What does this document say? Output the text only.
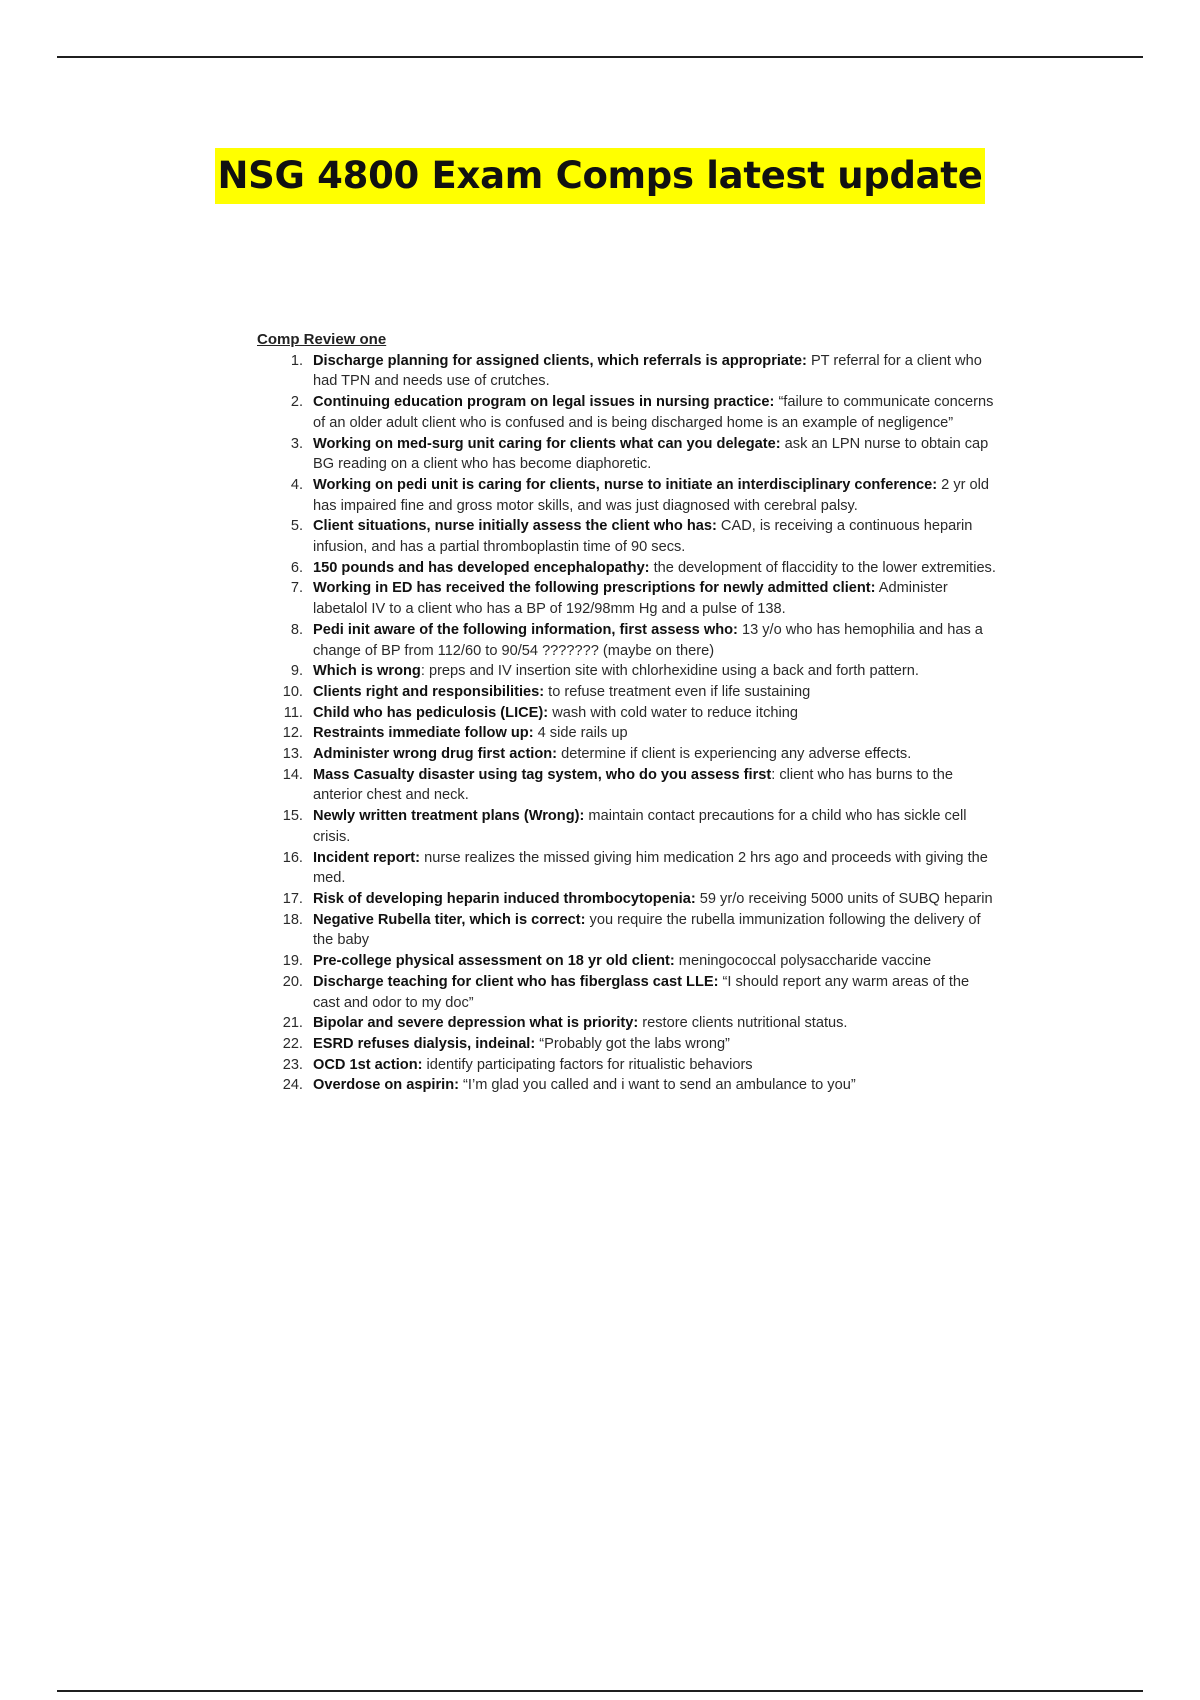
NSG 4800 Exam Comps latest update

Comp Review one

1. Discharge planning for assigned clients, which referrals is appropriate: PT referral for a client who had TPN and needs use of crutches.
2. Continuing education program on legal issues in nursing practice: “failure to communicate concerns of an older adult client who is confused and is being discharged home is an example of negligence”
3. Working on med-surg unit caring for clients what can you delegate: ask an LPN nurse to obtain cap BG reading on a client who has become diaphoretic.
4. Working on pedi unit is caring for clients, nurse to initiate an interdisciplinary conference: 2 yr old has impaired fine and gross motor skills, and was just diagnosed with cerebral palsy.
5. Client situations, nurse initially assess the client who has: CAD, is receiving a continuous heparin infusion, and has a partial thromboplastin time of 90 secs.
6. 150 pounds and has developed encephalopathy: the development of flaccidity to the lower extremities.
7. Working in ED has received the following prescriptions for newly admitted client: Administer labetalol IV to a client who has a BP of 192/98mm Hg and a pulse of 138.
8. Pedi init aware of the following information, first assess who: 13 y/o who has hemophilia and has a change of BP from 112/60 to 90/54 ??????? (maybe on there)
9. Which is wrong: preps and IV insertion site with chlorhexidine using a back and forth pattern.
10. Clients right and responsibilities: to refuse treatment even if life sustaining
11. Child who has pediculosis (LICE): wash with cold water to reduce itching
12. Restraints immediate follow up: 4 side rails up
13. Administer wrong drug first action: determine if client is experiencing any adverse effects.
14. Mass Casualty disaster using tag system, who do you assess first: client who has burns to the anterior chest and neck.
15. Newly written treatment plans (Wrong): maintain contact precautions for a child who has sickle cell crisis.
16. Incident report: nurse realizes the missed giving him medication 2 hrs ago and proceeds with giving the med.
17. Risk of developing heparin induced thrombocytopenia: 59 yr/o receiving 5000 units of SUBQ heparin
18. Negative Rubella titer, which is correct: you require the rubella immunization following the delivery of the baby
19. Pre-college physical assessment on 18 yr old client: meningococcal polysaccharide vaccine
20. Discharge teaching for client who has fiberglass cast LLE: “I should report any warm areas of the cast and odor to my doc”
21. Bipolar and severe depression what is priority: restore clients nutritional status.
22. ESRD refuses dialysis, indeinal: “Probably got the labs wrong”
23. OCD 1st action: identify participating factors for ritualistic behaviors
24. Overdose on aspirin: “I’m glad you called and i want to send an ambulance to you”
